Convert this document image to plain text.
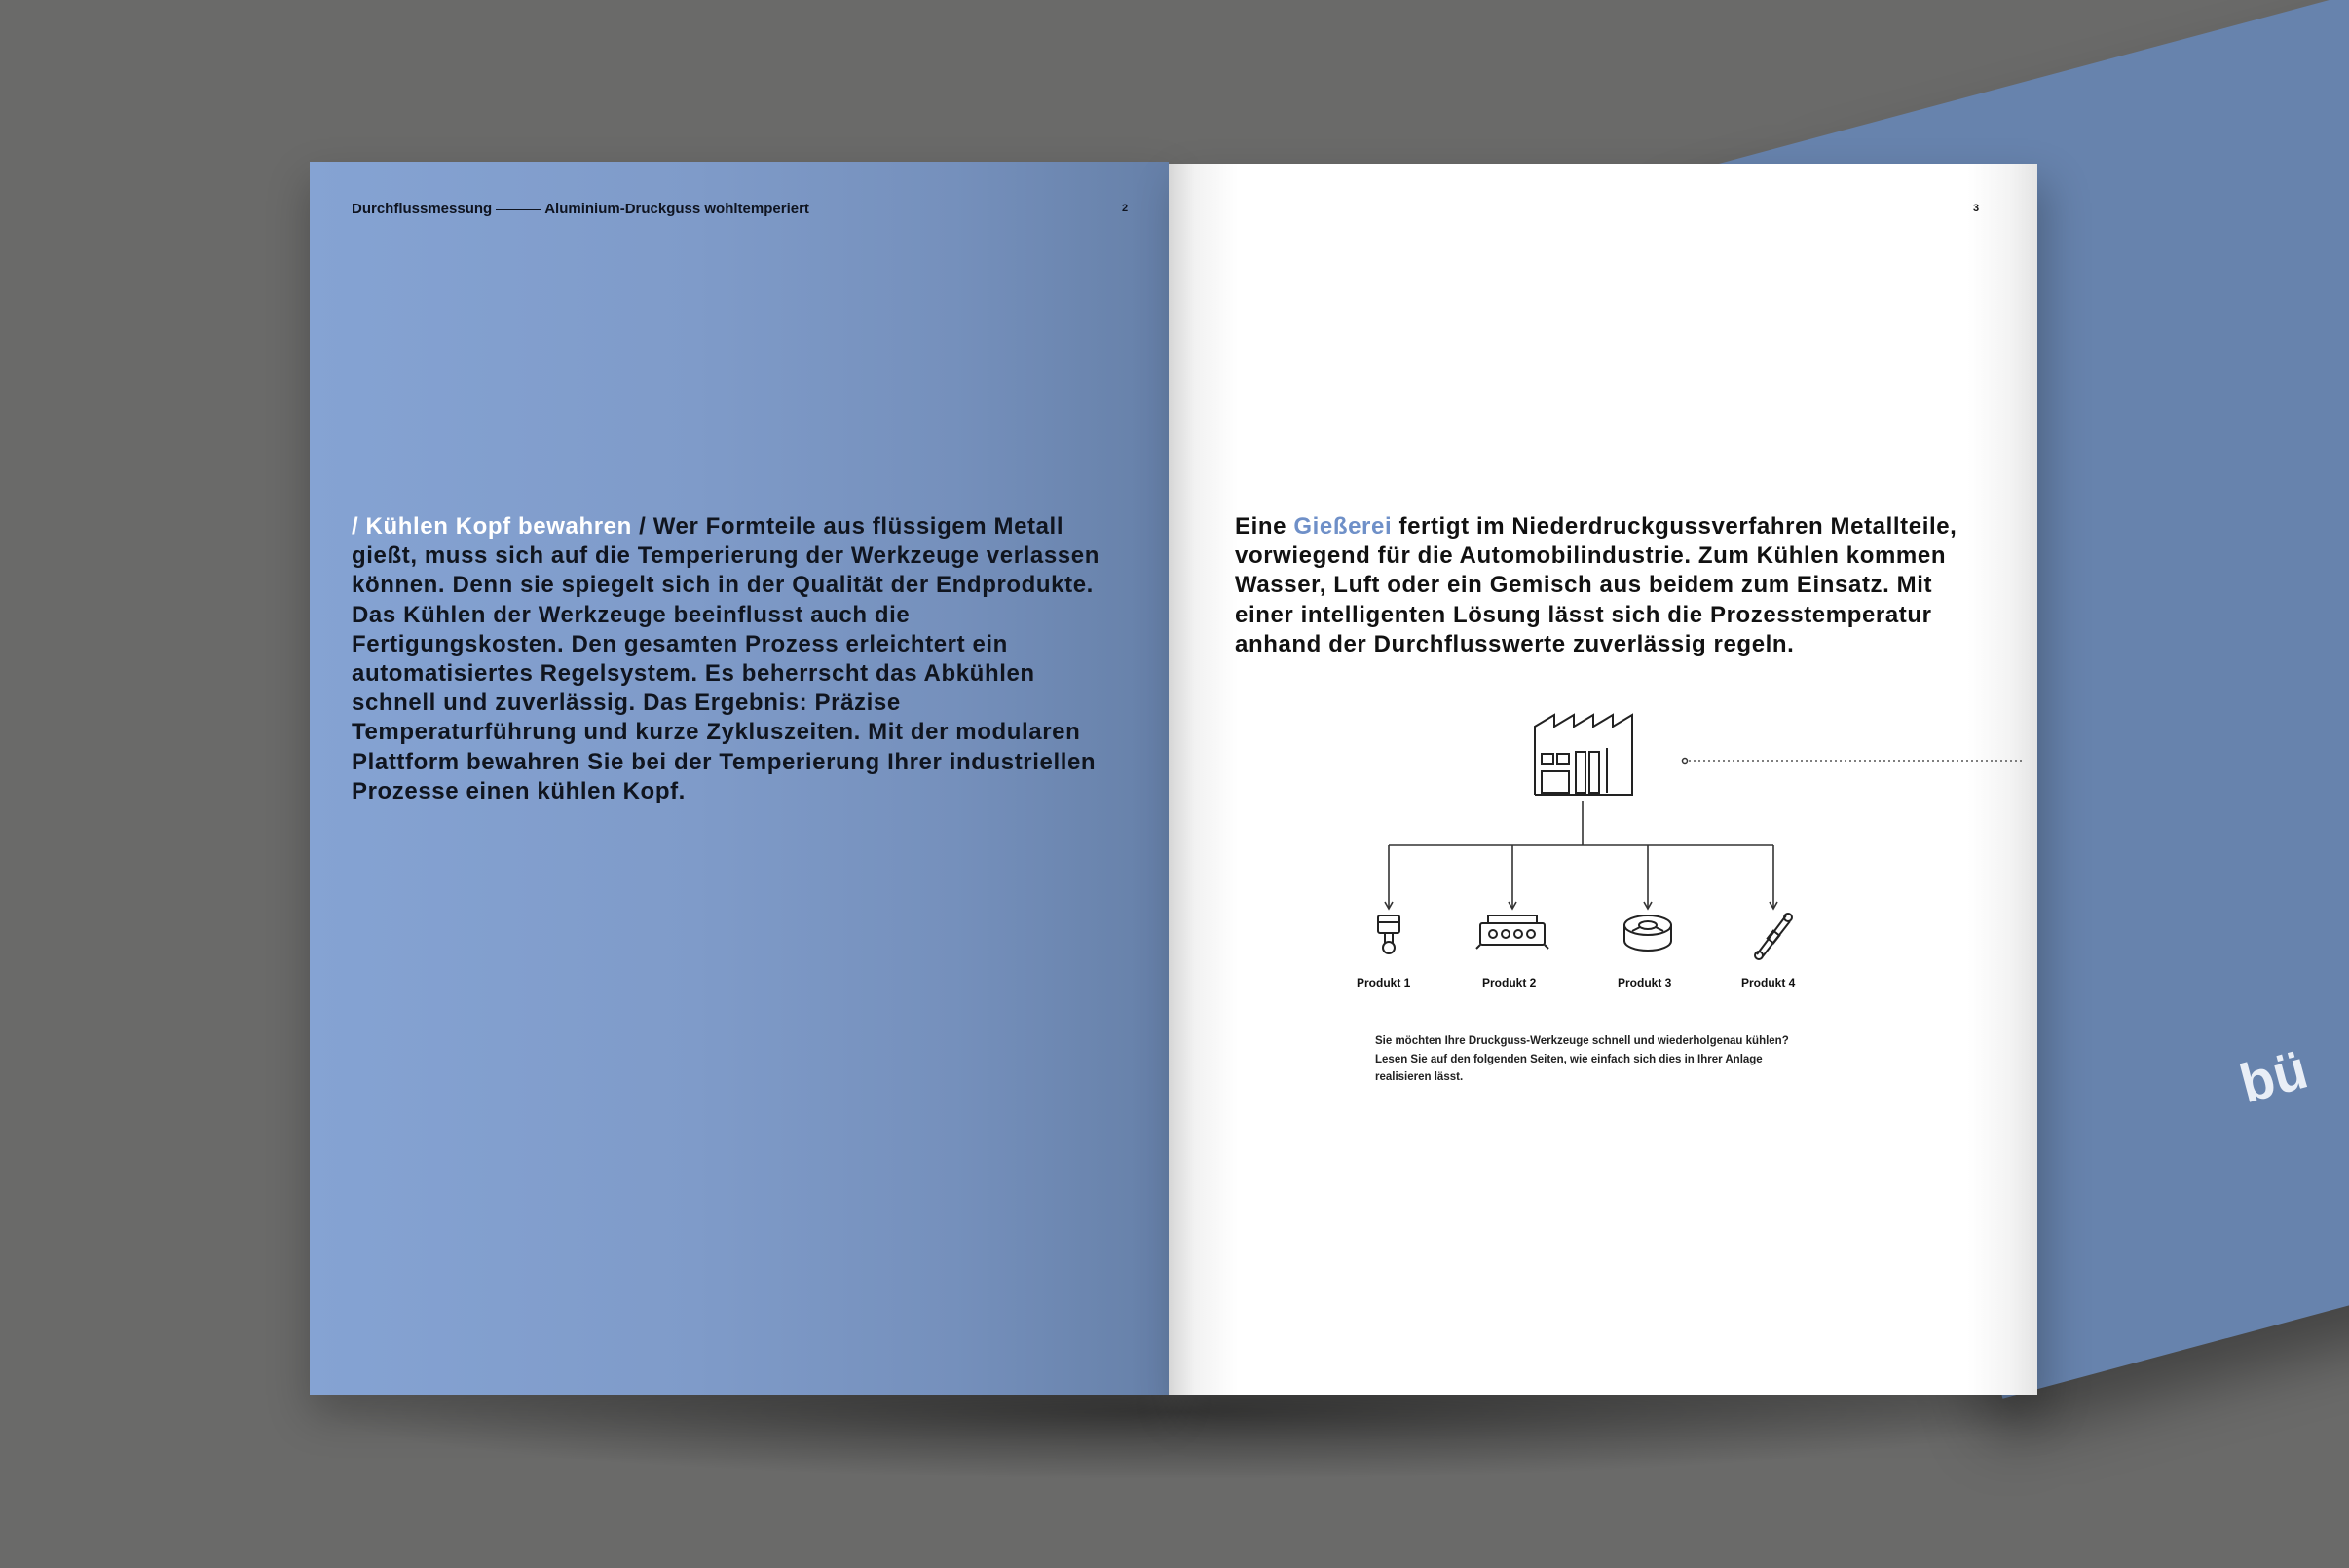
bü
Durchflussmessung	Aluminium-Druckguss wohltemperiert	2
/ Kühlen Kopf bewahren / Wer Formteile aus flüssigem Metall gießt, muss sich auf die Temperierung der Werkzeuge verlassen können. Denn sie spiegelt sich in der Qualität der Endprodukte. Das Kühlen der Werkzeuge beeinflusst auch die Fertigungskosten. Den gesamten Prozess erleichtert ein automatisiertes Regelsystem. Es beherrscht das Abkühlen schnell und zuverlässig. Das Ergebnis: Präzise Temperaturführung und kurze Zykluszeiten. Mit der modularen Plattform bewahren Sie bei der Temperierung Ihrer industriellen Prozesse einen kühlen Kopf.
3
Eine Gießerei fertigt im Niederdruckgussverfahren Metallteile, vorwiegend für die Automobilindustrie. Zum Kühlen kommen Wasser, Luft oder ein Gemisch aus beidem zum Einsatz. Mit einer intelligenten Lösung lässt sich die Prozesstemperatur anhand der Durchflusswerte zuverlässig regeln.
Produkt 1	Produkt 2	Produkt 3	Produkt 4
Sie möchten Ihre Druckguss-Werkzeuge schnell und wiederholgenau kühlen? Lesen Sie auf den folgenden Seiten, wie einfach sich dies in Ihrer Anlage realisieren lässt.
